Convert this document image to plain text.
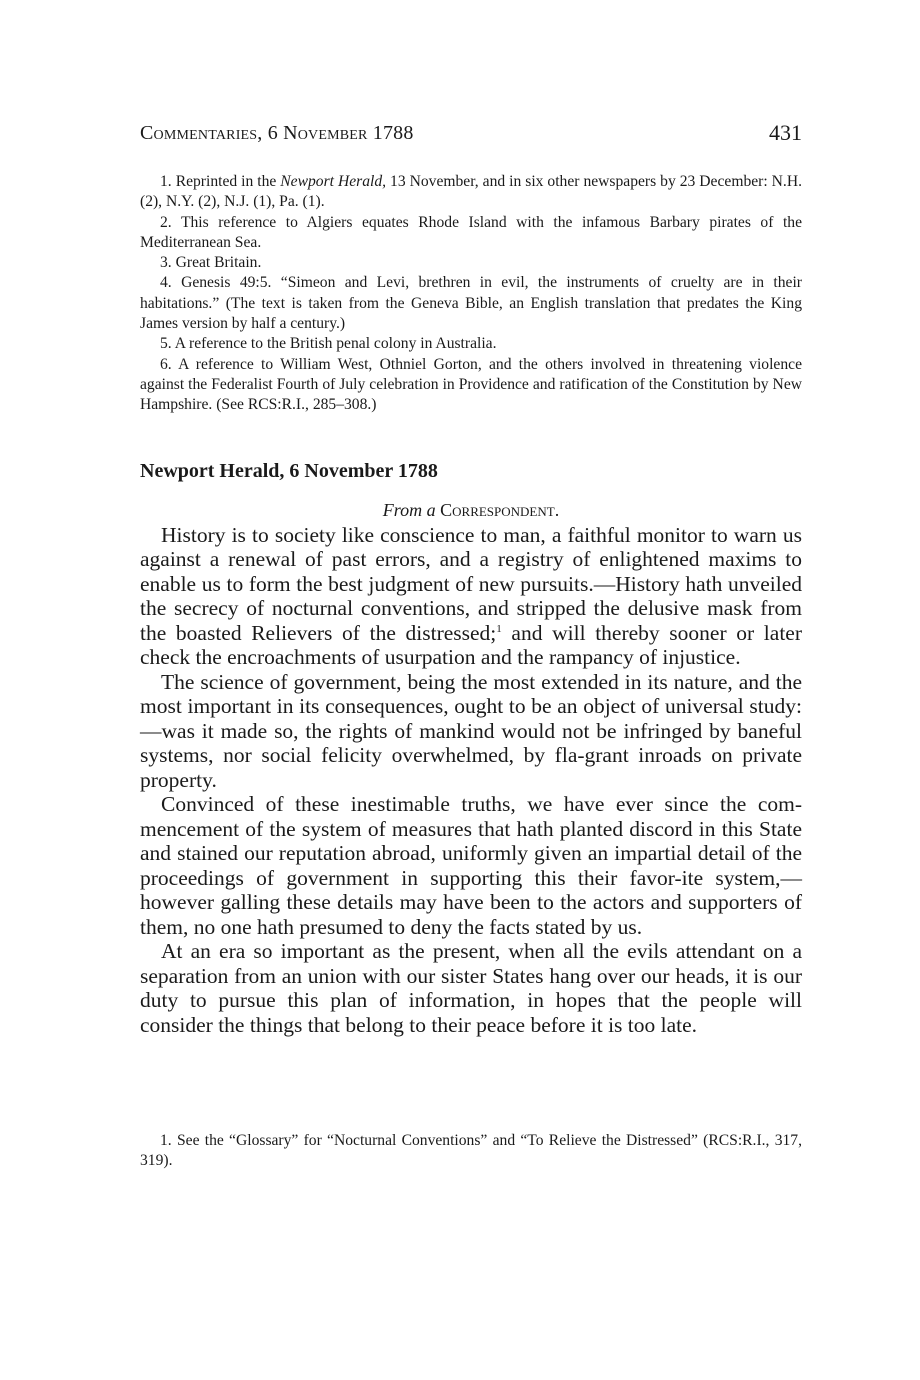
Commentaries, 6 November 1788	431

1. Reprinted in the Newport Herald, 13 November, and in six other newspapers by 23 December: N.H. (2), N.Y. (2), N.J. (1), Pa. (1).

2. This reference to Algiers equates Rhode Island with the infamous Barbary pirates of the Mediterranean Sea.

3. Great Britain.

4. Genesis 49:5. “Simeon and Levi, brethren in evil, the instruments of cruelty are in their habitations.” (The text is taken from the Geneva Bible, an English translation that predates the King James version by half a century.)

5. A reference to the British penal colony in Australia.

6. A reference to William West, Othniel Gorton, and the others involved in threatening violence against the Federalist Fourth of July celebration in Providence and ratification of the Constitution by New Hampshire. (See RCS:R.I., 285–308.)

Newport Herald, 6 November 1788
From a Correspondent.

History is to society like conscience to man, a faithful monitor to warn us against a renewal of past errors, and a registry of enlightened maxims to enable us to form the best judgment of new pursuits.—History hath unveiled the secrecy of nocturnal conventions, and stripped the delusive mask from the boasted Relievers of the distressed;$^1$ and will thereby sooner or later check the encroachments of usurpation and the rampancy of injustice.

The science of government, being the most extended in its nature, and the most important in its consequences, ought to be an object of universal study:—was it made so, the rights of mankind would not be infringed by baneful systems, nor social felicity overwhelmed, by fla-grant inroads on private property.

Convinced of these inestimable truths, we have ever since the com-mencement of the system of measures that hath planted discord in this State and stained our reputation abroad, uniformly given an impartial detail of the proceedings of government in supporting this their favor-ite system,—however galling these details may have been to the actors and supporters of them, no one hath presumed to deny the facts stated by us.

At an era so important as the present, when all the evils attendant on a separation from an union with our sister States hang over our heads, it is our duty to pursue this plan of information, in hopes that the people will consider the things that belong to their peace before it is too late.

1. See the “Glossary” for “Nocturnal Conventions” and “To Relieve the Distressed” (RCS:R.I., 317, 319).
